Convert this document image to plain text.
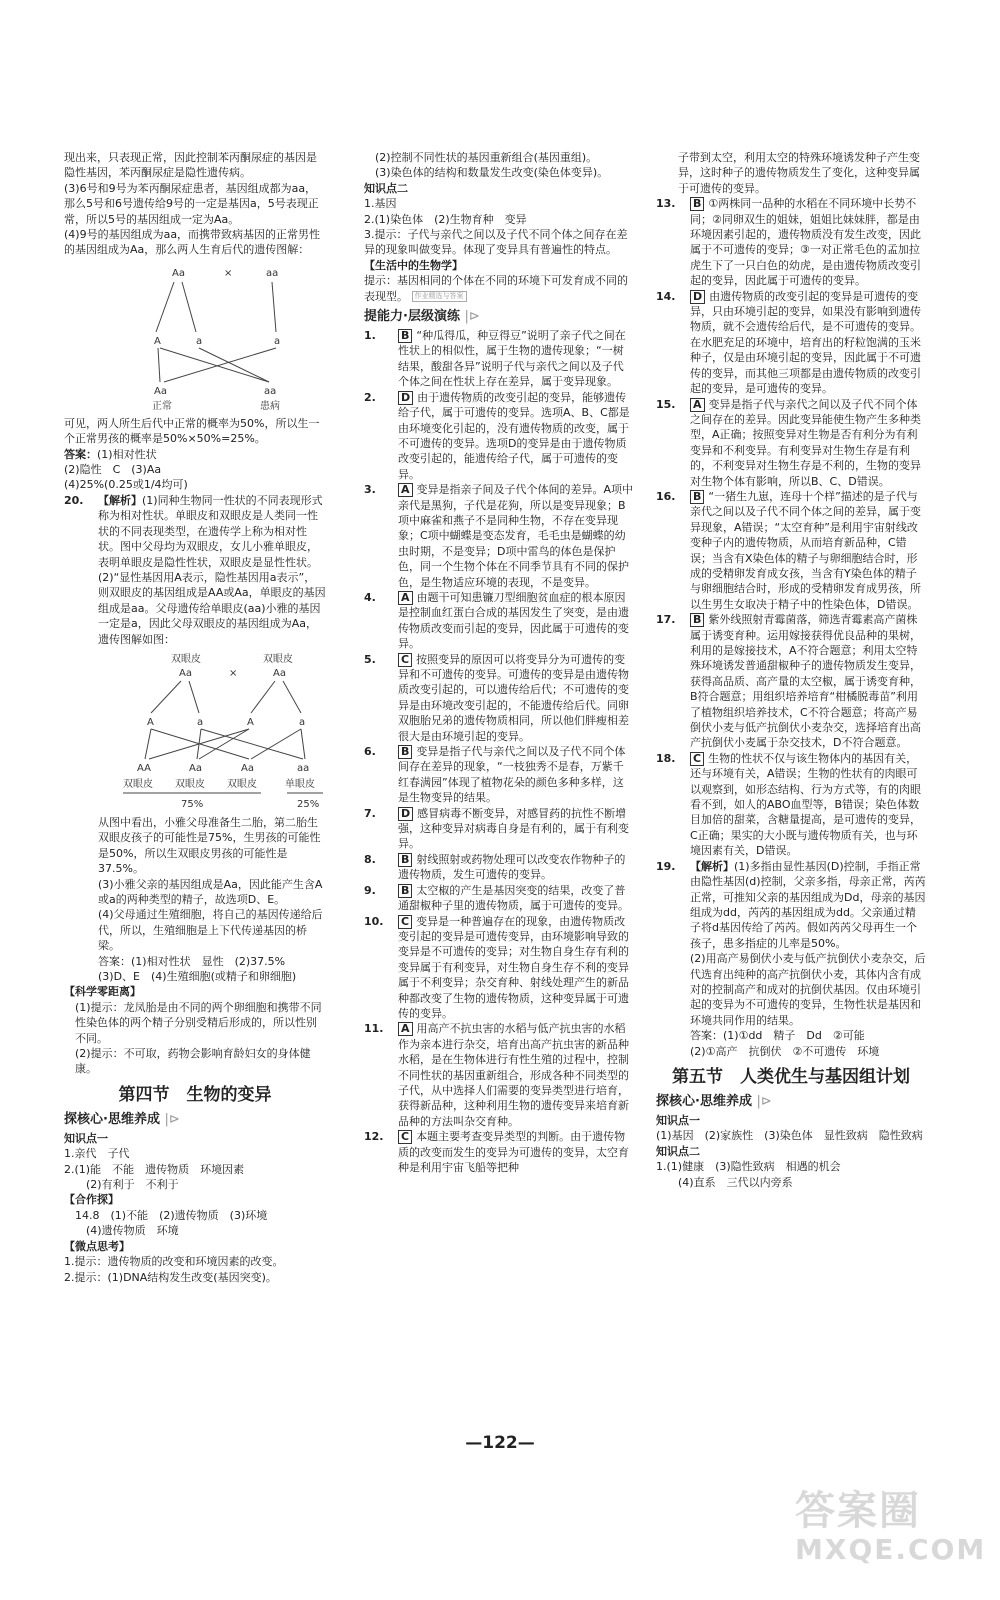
现出来，只表现正常，因此控制苯丙酮尿症的基因是隐性基因，苯丙酮尿症是隐性遗传病。

(3)6号和9号为苯丙酮尿症患者，基因组成都为aa，那么5号和6号遗传给9号的一定是基因a，5号表现正常，所以5号的基因组成一定为Aa。

(4)9号的基因组成为aa，而携带致病基因的正常男性的基因组成为Aa，那么两人生育后代的遗传图解：

Aa	×	aa
A	a	a
Aa	aa
正常	患病

可见，两人所生后代中正常的概率为50%，所以生一个正常男孩的概率是50%×50%=25%。

答案：(1)相对性状

(2)隐性　C　(3)Aa

(4)25%(0.25或1/4均可)

20. 【解析】(1)同种生物同一性状的不同表现形式称为相对性状。单眼皮和双眼皮是人类同一性状的不同表现类型，在遗传学上称为相对性状。图中父母均为双眼皮，女儿小雅单眼皮，表明单眼皮是隐性性状，双眼皮是显性性状。

(2)“显性基因用A表示，隐性基因用a表示”，则双眼皮的基因组成是AA或Aa，单眼皮的基因组成是aa。父母遗传给单眼皮(aa)小雅的基因一定是a，因此父母双眼皮的基因组成为Aa，遗传图解如图：

双眼皮	双眼皮
Aa	×	Aa
A	a	A	a
AA	Aa	Aa	aa
双眼皮 双眼皮 双眼皮	单眼皮
75%	25%

从图中看出，小雅父母准备生二胎，第二胎生双眼皮孩子的可能性是75%，生男孩的可能性是50%，所以生双眼皮男孩的可能性是37.5%。

(3)小雅父亲的基因组成是Aa，因此能产生含A或a的两种类型的精子，故选项D、E。

(4)父母通过生殖细胞，将自己的基因传递给后代，所以，生殖细胞是上下代传递基因的桥梁。

答案：(1)相对性状　显性　(2)37.5%

(3)D、E　(4)生殖细胞(或精子和卵细胞)

【科学零距离】

(1)提示：龙凤胎是由不同的两个卵细胞和携带不同性染色体的两个精子分别受精后形成的，所以性别不同。

(2)提示：不可取，药物会影响育龄妇女的身体健康。

第四节　生物的变异
探核心·思维养成 |⊳

知识点一

1.亲代　子代

2.(1)能　不能　遗传物质　环境因素

(2)有利于　不利于

【合作探】

14.8　(1)不能　(2)遗传物质　(3)环境

(4)遗传物质　环境

【微点思考】

1.提示：遗传物质的改变和环境因素的改变。

2.提示：(1)DNA结构发生改变(基因突变)。

(2)控制不同性状的基因重新组合(基因重组)。

(3)染色体的结构和数量发生改变(染色体变异)。

知识点二

1.基因

2.(1)染色体　(2)生物育种　变异

3.提示：子代与亲代之间以及子代不同个体之间存在差异的现象叫做变异。体现了变异具有普遍性的特点。

【生活中的生物学】

提示：基因相同的个体在不同的环境下可发育成不同的表现型。 作业精选与答案

提能力·层级演练 |⊳
1. B “种瓜得瓜，种豆得豆”说明了亲子代之间在性状上的相似性，属于生物的遗传现象；“一树结果，酸甜各异”说明子代与亲代之间以及子代个体之间在性状上存在差异，属于变异现象。
2. D 由于遗传物质的改变引起的变异，能够遗传给子代，属于可遗传的变异。选项A、B、C都是由环境变化引起的，没有遗传物质的改变，属于不可遗传的变异。选项D的变异是由于遗传物质改变引起的，能遗传给子代，属于可遗传的变异。
3. A 变异是指亲子间及子代个体间的差异。A项中亲代是黑狗，子代是花狗，所以是变异现象；B项中麻雀和燕子不是同种生物，不存在变异现象；C项中蝴蝶是变态发育，毛毛虫是蝴蝶的幼虫时期，不是变异；D项中雷鸟的体色是保护色，同一个生物个体在不同季节具有不同的保护色，是生物适应环境的表现，不是变异。
4. A 由题干可知患镰刀型细胞贫血症的根本原因是控制血红蛋白合成的基因发生了突变，是由遗传物质改变而引起的变异，因此属于可遗传的变异。
5. C 按照变异的原因可以将变异分为可遗传的变异和不可遗传的变异。可遗传的变异是由遗传物质改变引起的，可以遗传给后代；不可遗传的变异是由环境改变引起的，不能遗传给后代。同卵双胞胎兄弟的遗传物质相同，所以他们胖瘦相差很大是由环境引起的变异。
6. B 变异是指子代与亲代之间以及子代不同个体间存在差异的现象，“一枝独秀不是春，万紫千红春满园”体现了植物花朵的颜色多种多样，这是生物变异的结果。
7. D 感冒病毒不断变异，对感冒药的抗性不断增强，这种变异对病毒自身是有利的，属于有利变异。
8. B 射线照射或药物处理可以改变农作物种子的遗传物质，发生可遗传的变异。
9. B 太空椒的产生是基因突变的结果，改变了普通甜椒种子里的遗传物质，属于可遗传的变异。
10. C 变异是一种普遍存在的现象，由遗传物质改变引起的变异是可遗传变异，由环境影响导致的变异是不可遗传的变异；对生物自身生存有利的变异属于有利变异，对生物自身生存不利的变异属于不利变异；杂交育种、射线处理产生的新品种都改变了生物的遗传物质，这种变异属于可遗传的变异。
11. A 用高产不抗虫害的水稻与低产抗虫害的水稻作为亲本进行杂交，培育出高产抗虫害的新品种水稻，是在生物体进行有性生殖的过程中，控制不同性状的基因重新组合，形成各种不同类型的子代，从中选择人们需要的变异类型进行培育，获得新品种，这种利用生物的遗传变异来培育新品种的方法叫杂交育种。
12. C 本题主要考查变异类型的判断。由于遗传物质的改变而发生的变异为可遗传的变异，太空育种是利用宇宙飞船等把种

子带到太空，利用太空的特殊环境诱发种子产生变异，这时种子的遗传物质发生了变化，这种变异属于可遗传的变异。

13. B ①两株同一品种的水稻在不同环境中长势不同；②同卵双生的姐妹，姐姐比妹妹胖，都是由环境因素引起的，遗传物质没有发生改变，因此属于不可遗传的变异；③一对正常毛色的孟加拉虎生下了一只白色的幼虎，是由遗传物质改变引起的变异，因此属于可遗传的变异。
14. D 由遗传物质的改变引起的变异是可遗传的变异，只由环境引起的变异，如果没有影响到遗传物质，就不会遗传给后代，是不可遗传的变异。在水肥充足的环境中，培育出的籽粒饱满的玉米种子，仅是由环境引起的变异，因此属于不可遗传的变异，而其他三项都是由遗传物质的改变引起的变异，是可遗传的变异。
15. A 变异是指子代与亲代之间以及子代不同个体之间存在的差异。因此变异能使生物产生多种类型，A正确；按照变异对生物是否有利分为有利变异和不利变异。有利变异对生物生存是有利的，不利变异对生物生存是不利的，生物的变异对生物个体有影响，所以B、C、D错误。
16. B “一猪生九崽，连母十个样”描述的是子代与亲代之间以及子代不同个体之间的差异，属于变异现象，A错误；“太空育种”是利用宇宙射线改变种子内的遗传物质，从而培育新品种，C错误；当含有X染色体的精子与卵细胞结合时，形成的受精卵发育成女孩，当含有Y染色体的精子与卵细胞结合时，形成的受精卵发育成男孩，所以生男生女取决于精子中的性染色体，D错误。
17. B 紫外线照射青霉菌落，筛选青霉素高产菌株属于诱变育种。运用嫁接获得优良品种的果树，利用的是嫁接技术，A不符合题意；利用太空特殊环境诱发普通甜椒种子的遗传物质发生变异，获得高品质、高产量的太空椒，属于诱变育种，B符合题意；用组织培养培育“柑橘脱毒苗”利用了植物组织培养技术，C不符合题意；将高产易倒伏小麦与低产抗倒伏小麦杂交，选择培育出高产抗倒伏小麦属于杂交技术，D不符合题意。
18. C 生物的性状不仅与该生物体内的基因有关，还与环境有关，A错误；生物的性状有的肉眼可以观察到，如形态结构、行为方式等，有的肉眼看不到，如人的ABO血型等，B错误；染色体数目加倍的甜菜，含糖量提高，是可遗传的变异，C正确；果实的大小既与遗传物质有关，也与环境因素有关，D错误。
19. 【解析】(1)多指由显性基因(D)控制，手指正常由隐性基因(d)控制，父亲多指，母亲正常，芮芮正常，可推知父亲的基因组成为Dd，母亲的基因组成为dd，芮芮的基因组成为dd。父亲通过精子将d基因传给了芮芮。假如芮芮父母再生一个孩子，患多指症的儿率是50%。

(2)用高产易倒伏小麦与低产抗倒伏小麦杂交，后代选育出纯种的高产抗倒伏小麦，其体内含有成对的控制高产和成对的抗倒伏基因。仅由环境引起的变异为不可遗传的变异，生物性状是基因和环境共同作用的结果。

答案：(1)①dd　精子　Dd　②可能

(2)①高产　抗倒伏　②不可遗传　环境

第五节　人类优生与基因组计划
探核心·思维养成 |⊳

知识点一

(1)基因　(2)家族性　(3)染色体　显性致病　隐性致病

知识点二

1.(1)健康　(3)隐性致病　相遇的机会

(4)直系　三代以内旁系

—122—
答案圈
MXQE.COM
